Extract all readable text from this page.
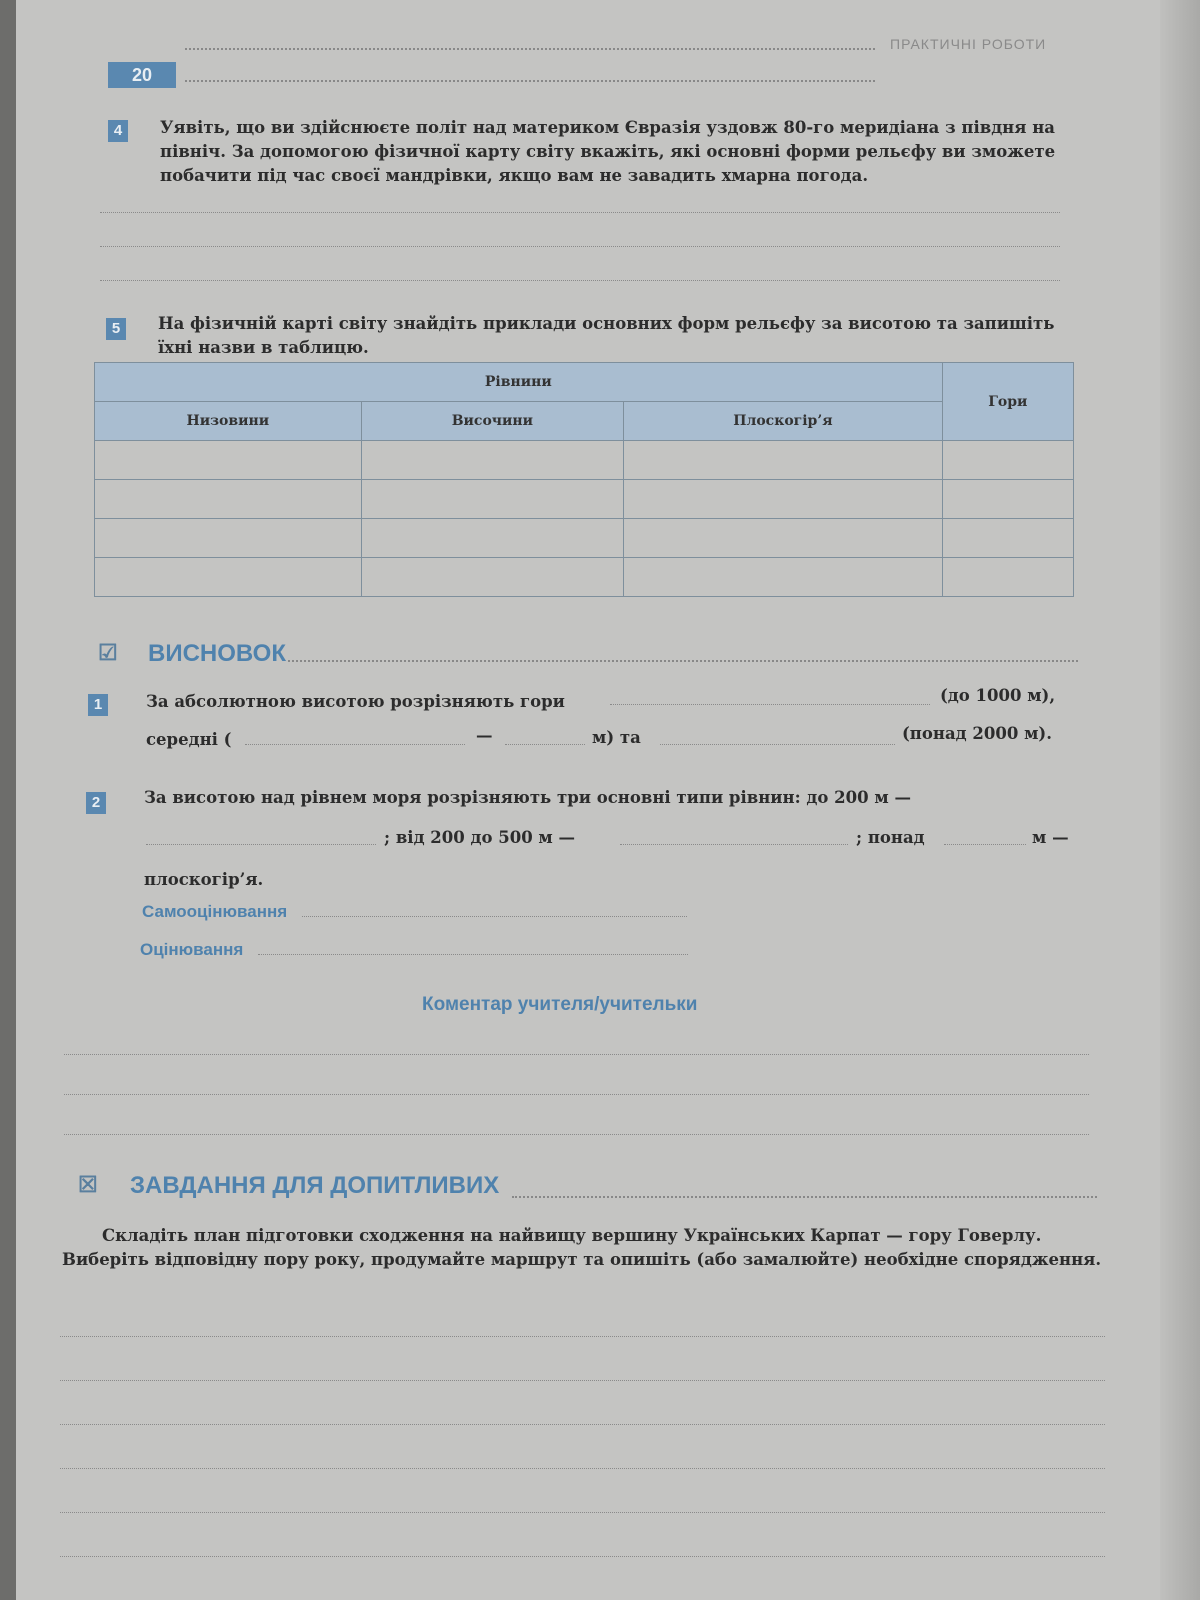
ПРАКТИЧНІ РОБОТИ
20
4	Уявіть, що ви здійснюєте політ над материком Євразія уздовж 80-го меридіана з півдня на північ. За допомогою фізичної карту світу вкажіть, які основні форми рельєфу ви зможете побачити під час своєї мандрівки, якщо вам не завадить хмарна погода.
5	На фізичній карті світу знайдіть приклади основних форм рельєфу за висотою та запишіть їхні назви в таблицю.
Рівнини			Гори
Низовини	Височини	Плоскогір’я	

☑ ВИСНОВОК
1	За абсолютною висотою розрізняють гори	(до 1000 м),
середні (	—	м) та	(понад 2000 м).
2	За висотою над рівнем моря розрізняють три основні типи рівнин: до 200 м —
; від 200 до 500 м —	; понад	м —
плоскогір’я.
Самооцінювання
Оцінювання
Коментар учителя/учительки
☒ ЗАВДАННЯ ДЛЯ ДОПИТЛИВИХ
Складіть план підготовки сходження на найвищу вершину Українських Карпат — гору Говерлу. Виберіть відповідну пору року, продумайте маршрут та опишіть (або замалюйте) необхідне спорядження.
